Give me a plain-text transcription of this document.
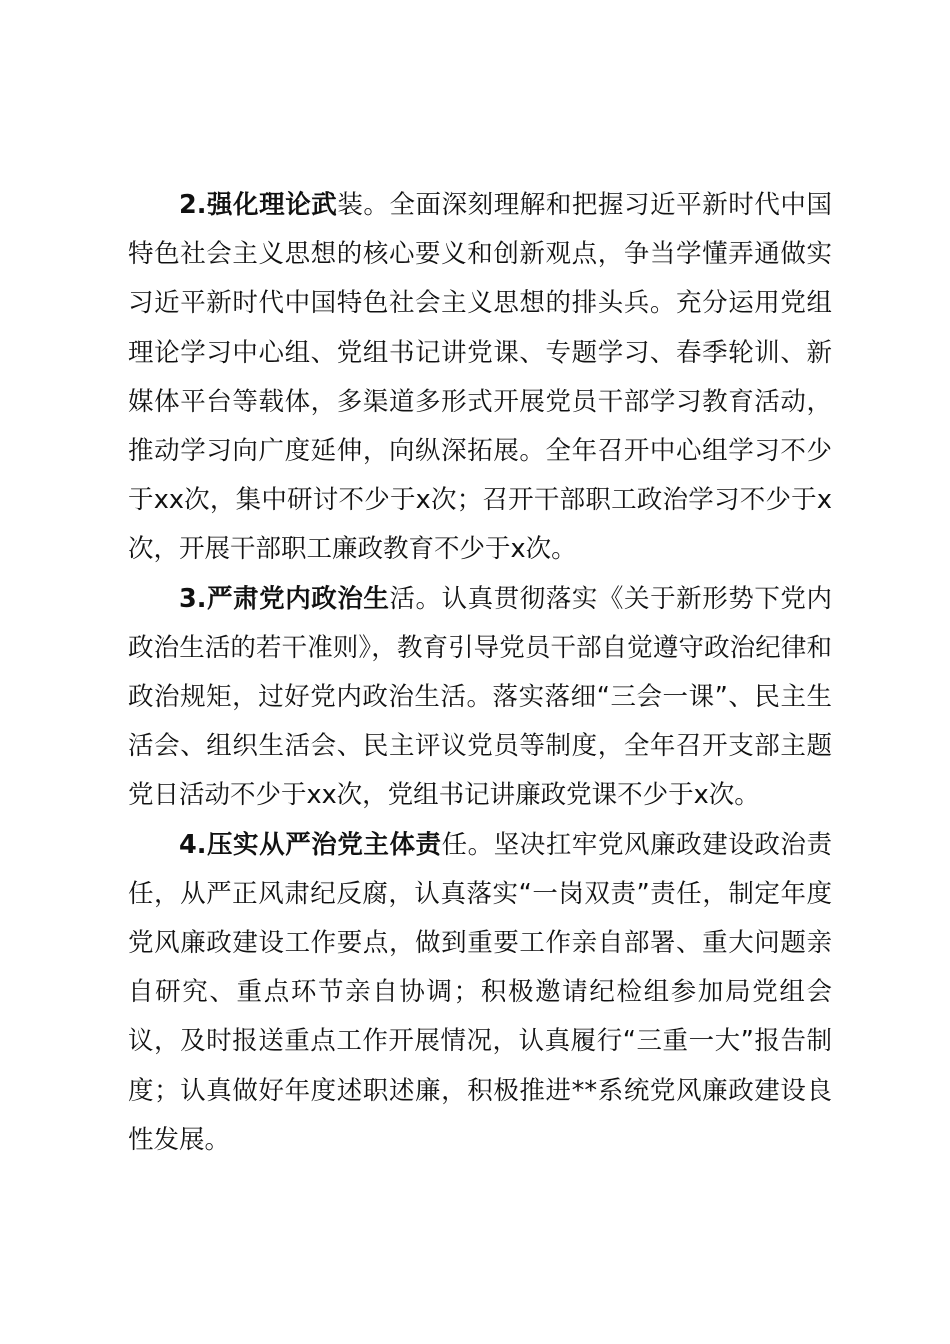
2.强化理论武装。全面深刻理解和把握习近平新时代中国特色社会主义思想的核心要义和创新观点，争当学懂弄通做实习近平新时代中国特色社会主义思想的排头兵。充分运用党组理论学习中心组、党组书记讲党课、专题学习、春季轮训、新媒体平台等载体，多渠道多形式开展党员干部学习教育活动，推动学习向广度延伸，向纵深拓展。全年召开中心组学习不少于xx次，集中研讨不少于x次；召开干部职工政治学习不少于x次，开展干部职工廉政教育不少于x次。

3.严肃党内政治生活。认真贯彻落实《关于新形势下党内政治生活的若干准则》，教育引导党员干部自觉遵守政治纪律和政治规矩，过好党内政治生活。落实落细“三会一课”、民主生活会、组织生活会、民主评议党员等制度，全年召开支部主题党日活动不少于xx次，党组书记讲廉政党课不少于x次。

4.压实从严治党主体责任。坚决扛牢党风廉政建设政治责任，从严正风肃纪反腐，认真落实“一岗双责”责任，制定年度党风廉政建设工作要点，做到重要工作亲自部署、重大问题亲自研究、重点环节亲自协调；积极邀请纪检组参加局党组会议，及时报送重点工作开展情况，认真履行“三重一大”报告制度；认真做好年度述职述廉，积极推进**系统党风廉政建设良性发展。
